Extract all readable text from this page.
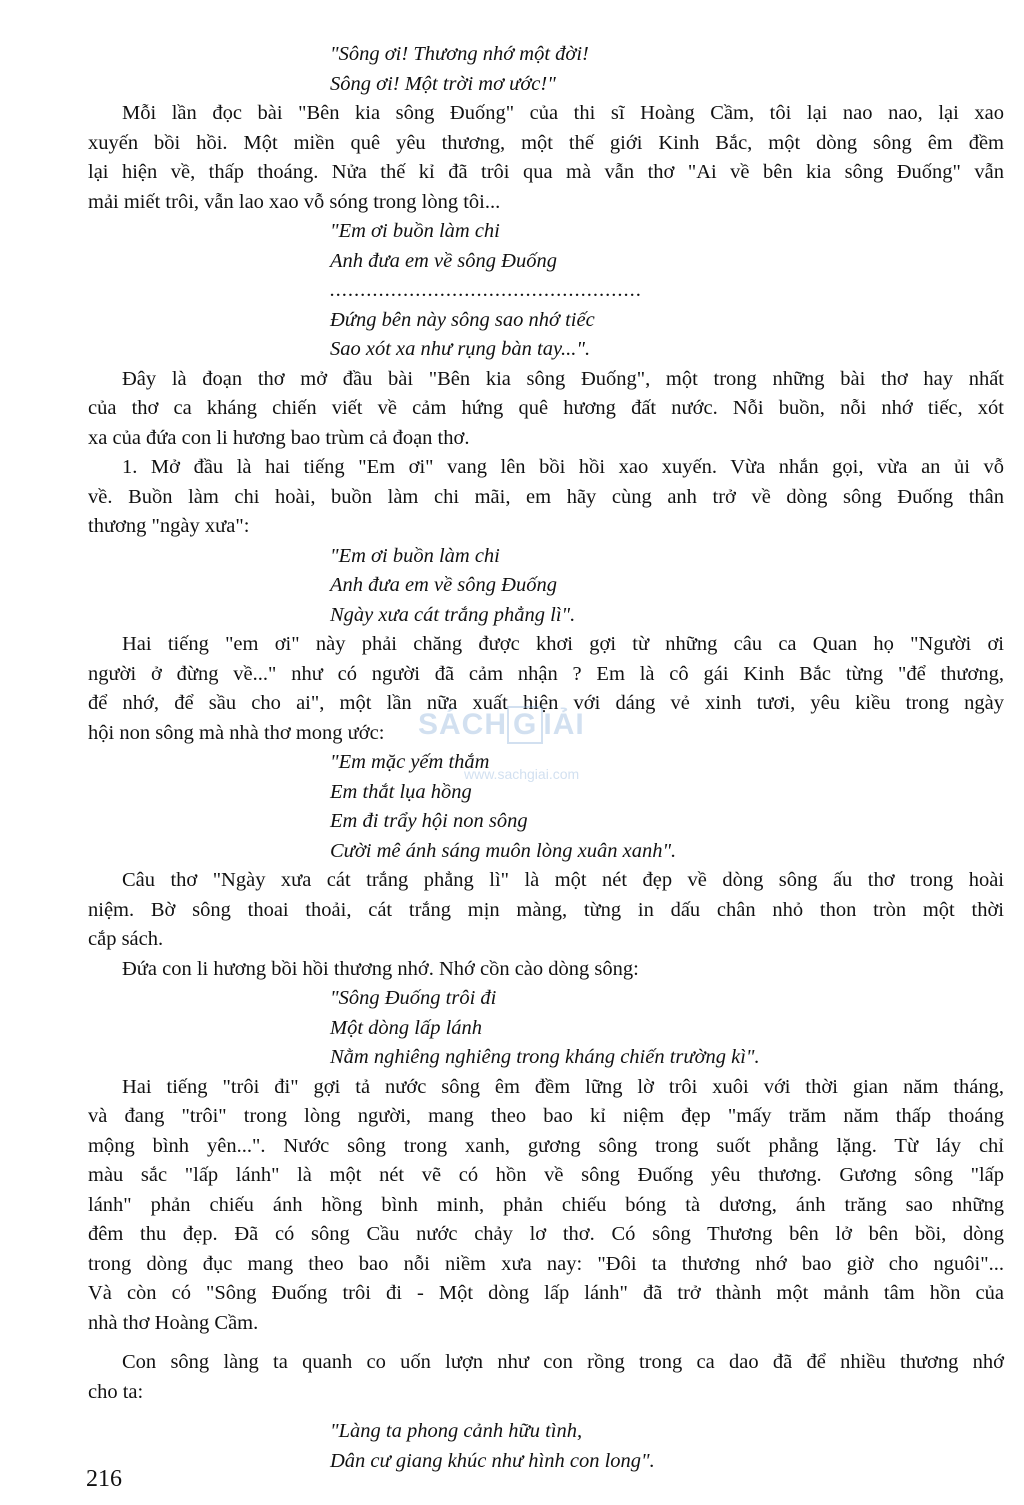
"Sông ơi! Thương nhớ một đời!
Sông ơi! Một trời mơ ước!"
Mỗi lần đọc bài "Bên kia sông Đuống" của thi sĩ Hoàng Cầm, tôi lại nao nao, lại xao
xuyến bồi hồi. Một miền quê yêu thương, một thế giới Kinh Bắc, một dòng sông êm đềm
lại hiện về, thấp thoáng. Nửa thế kỉ đã trôi qua mà vẫn thơ "Ai về bên kia sông Đuống" vẫn
mải miết trôi, vẫn lao xao vỗ sóng trong lòng tôi...
"Em ơi buồn làm chi
Anh đưa em về sông Đuống
...................................................
Đứng bên này sông sao nhớ tiếc
Sao xót xa như rụng bàn tay...".
Đây là đoạn thơ mở đầu bài "Bên kia sông Đuống", một trong những bài thơ hay nhất
của thơ ca kháng chiến viết về cảm hứng quê hương đất nước. Nỗi buồn, nỗi nhớ tiếc, xót
xa của đứa con li hương bao trùm cả đoạn thơ.
1. Mở đầu là hai tiếng "Em ơi" vang lên bồi hồi xao xuyến. Vừa nhắn gọi, vừa an ủi vỗ
về. Buồn làm chi hoài, buồn làm chi mãi, em hãy cùng anh trở về dòng sông Đuống thân
thương "ngày xưa":
"Em ơi buồn làm chi
Anh đưa em về sông Đuống
Ngày xưa cát trắng phẳng lì".
Hai tiếng "em ơi" này phải chăng được khơi gợi từ những câu ca Quan họ "Người ơi
người ở đừng về..." như có người đã cảm nhận ? Em là cô gái Kinh Bắc từng "để thương,
để nhớ, để sầu cho ai", một lần nữa xuất hiện với dáng vẻ xinh tươi, yêu kiều trong ngày
hội non sông mà nhà thơ mong ước:
"Em mặc yếm thắm
Em thắt lụa hồng
Em đi trẩy hội non sông
Cười mê ánh sáng muôn lòng xuân xanh".
Câu thơ "Ngày xưa cát trắng phẳng lì" là một nét đẹp về dòng sông ấu thơ trong hoài
niệm. Bờ sông thoai thoải, cát trắng mịn màng, từng in dấu chân nhỏ thon tròn một thời
cắp sách.
Đứa con li hương bồi hồi thương nhớ. Nhớ cồn cào dòng sông:
"Sông Đuống trôi đi
Một dòng lấp lánh
Nằm nghiêng nghiêng trong kháng chiến trường kì".
Hai tiếng "trôi đi" gợi tả nước sông êm đềm lững lờ trôi xuôi với thời gian năm tháng,
và đang "trôi" trong lòng người, mang theo bao kỉ niệm đẹp "mấy trăm năm thấp thoáng
mộng bình yên...". Nước sông trong xanh, gương sông trong suốt phẳng lặng. Từ láy chỉ
màu sắc "lấp lánh" là một nét vẽ có hồn về sông Đuống yêu thương. Gương sông "lấp
lánh" phản chiếu ánh hồng bình minh, phản chiếu bóng tà dương, ánh trăng sao những
đêm thu đẹp. Đã có sông Cầu nước chảy lơ thơ. Có sông Thương bên lở bên bồi, dòng
trong dòng đục mang theo bao nỗi niềm xưa nay: "Đôi ta thương nhớ bao giờ cho nguôi"...
Và còn có "Sông Đuống trôi đi - Một dòng lấp lánh" đã trở thành một mảnh tâm hồn của
nhà thơ Hoàng Cầm.
Con sông làng ta quanh co uốn lượn như con rồng trong ca dao đã để nhiều thương nhớ
cho ta:
"Làng ta phong cảnh hữu tình,
Dân cư giang khúc như hình con long".
SÁCH G IẢI
www.sachgiai.com
216
